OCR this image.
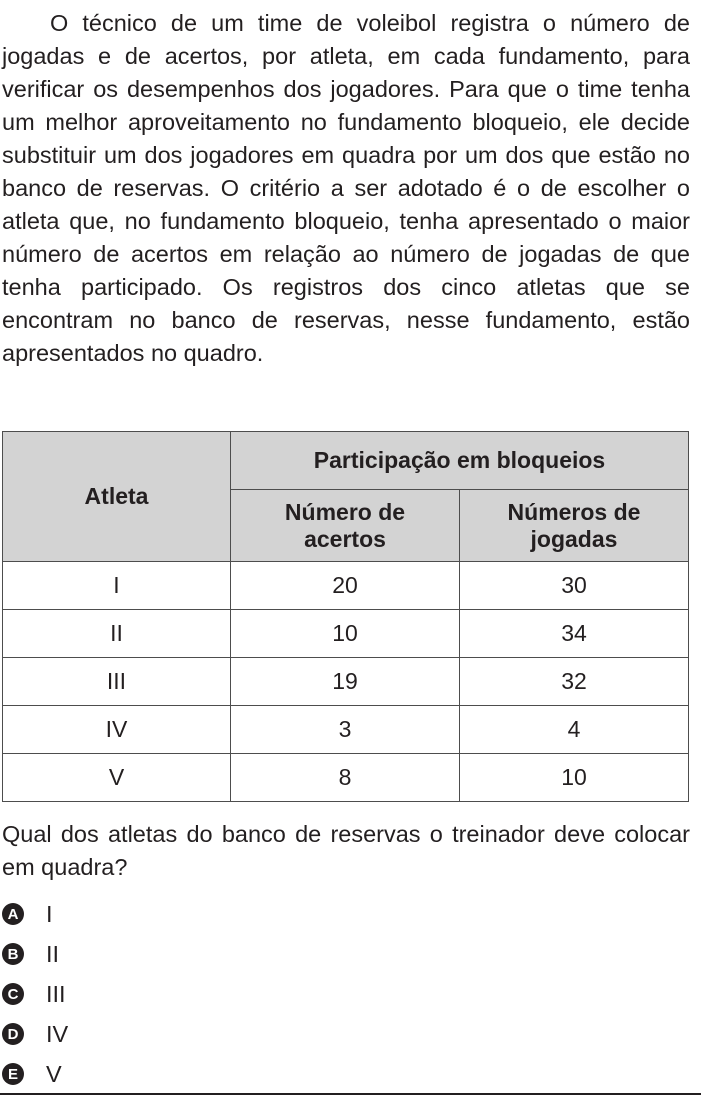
O técnico de um time de voleibol registra o número de jogadas e de acertos, por atleta, em cada fundamento, para verificar os desempenhos dos jogadores. Para que o time tenha um melhor aproveitamento no fundamento bloqueio, ele decide substituir um dos jogadores em quadra por um dos que estão no banco de reservas. O critério a ser adotado é o de escolher o atleta que, no fundamento bloqueio, tenha apresentado o maior número de acertos em relação ao número de jogadas de que tenha participado. Os registros dos cinco atletas que se encontram no banco de reservas, nesse fundamento, estão apresentados no quadro.

Atleta	Participação em bloqueios	

	Número de acertos	Números de jogadas

I	20	30
II	10	34
III	19	32
IV	3	4
V	8	10

Qual dos atletas do banco de reservas o treinador deve colocar em quadra?

A I
B II
C III
D IV
E V
